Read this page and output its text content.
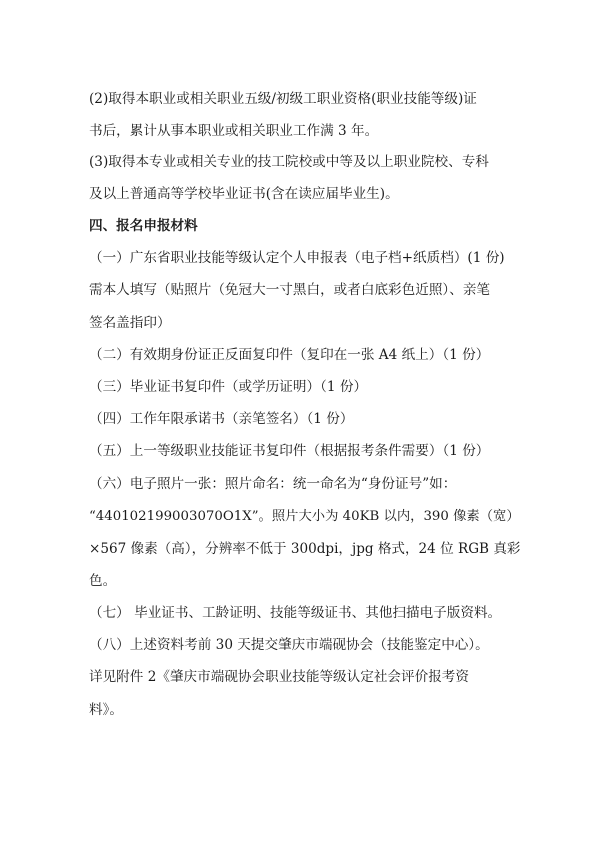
(2)取得本职业或相关职业五级/初级工职业资格(职业技能等级)证
书后，累计从事本职业或相关职业工作满 3 年。
(3)取得本专业或相关专业的技工院校或中等及以上职业院校、专科
及以上普通高等学校毕业证书(含在读应届毕业生)。
四、报名申报材料
（一）广东省职业技能等级认定个人申报表（电子档+纸质档）(1 份)
需本人填写（贴照片（免冠大一寸黑白，或者白底彩色近照）、亲笔
签名盖指印）
（二）有效期身份证正反面复印件（复印在一张 A4 纸上）（1 份）
（三）毕业证书复印件（或学历证明）（1 份）
（四）工作年限承诺书（亲笔签名）（1 份）
（五）上一等级职业技能证书复印件（根据报考条件需要）（1 份）
（六）电子照片一张：照片命名：统一命名为“身份证号”如：
“440102199003070O1X”。照片大小为 40KB 以内，390 像素（宽）
×567 像素（高），分辨率不低于 300dpi，jpg 格式，24 位 RGB 真彩
色。
（七） 毕业证书、工龄证明、技能等级证书、其他扫描电子版资料。
（八）上述资料考前 30 天提交肇庆市端砚协会（技能鉴定中心）。
详见附件 2《肇庆市端砚协会职业技能等级认定社会评价报考资
料》。
